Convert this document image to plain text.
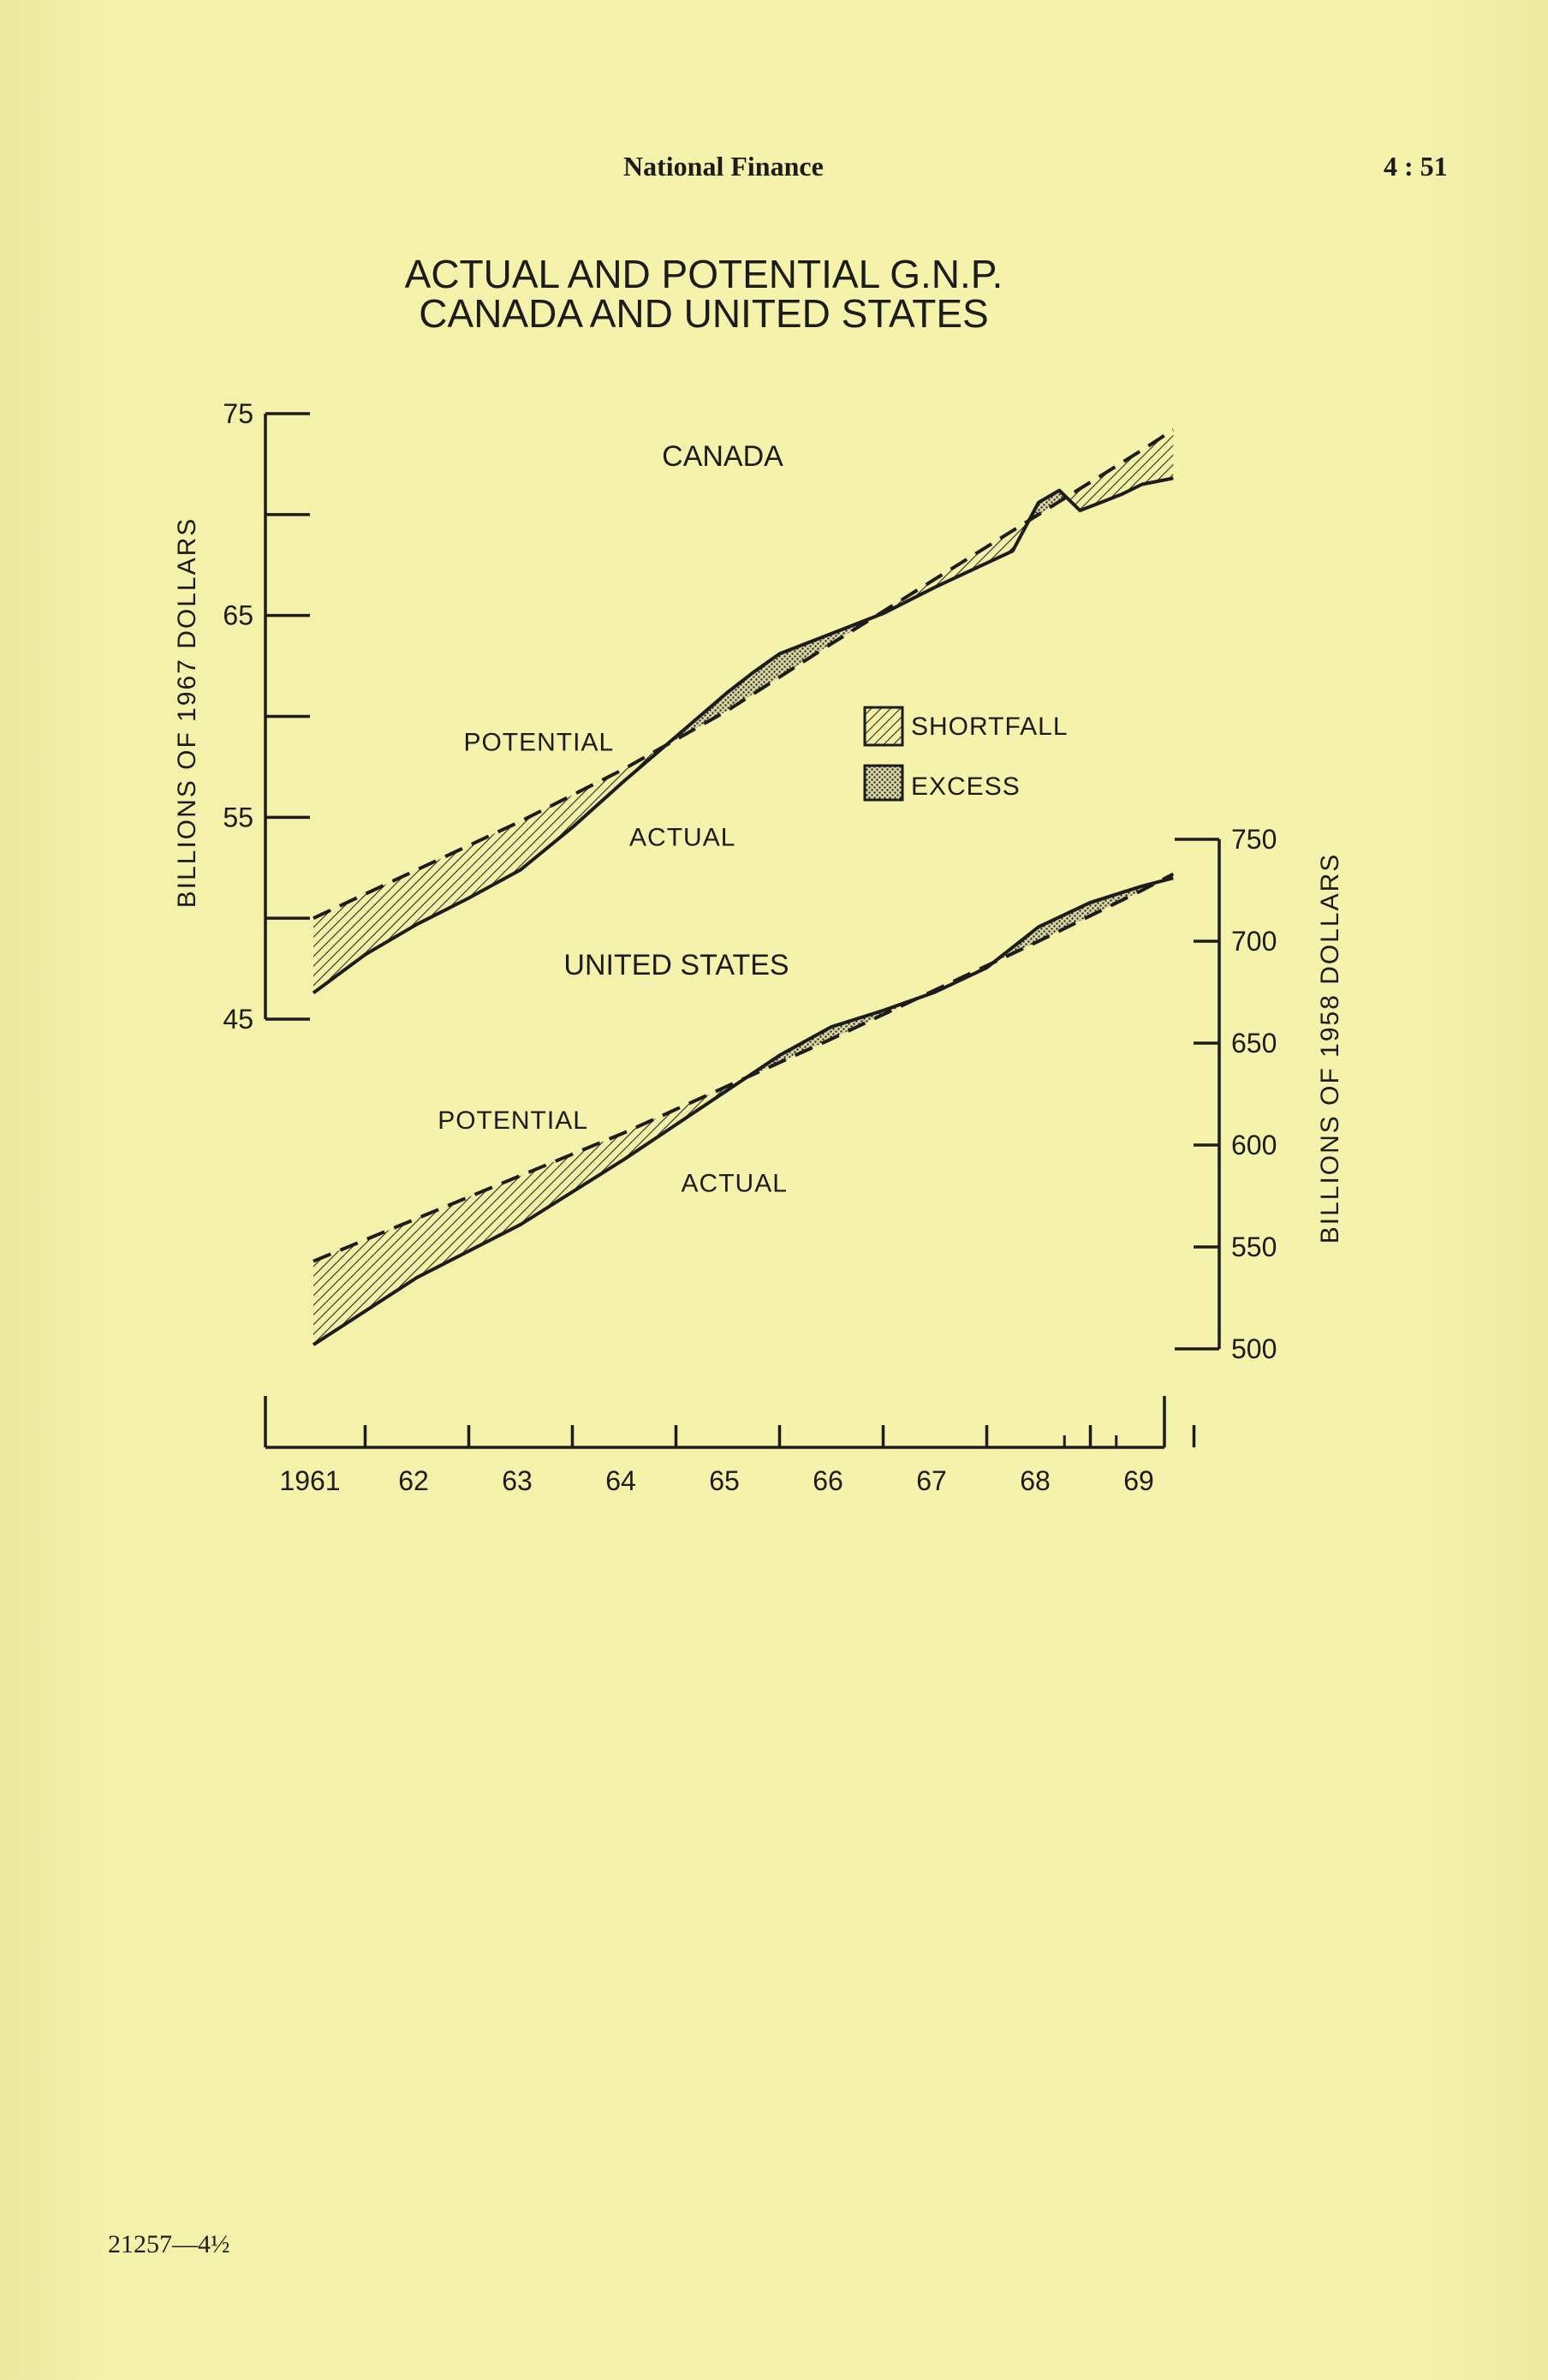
National Finance	4 : 51
ACTUAL AND POTENTIAL G.N.P.
CANADA AND UNITED STATES
CANADA
UNITED STATES
BILLIONS OF 1967 DOLLARS
BILLIONS OF 1958 DOLLARS
SHORTFALL
EXCESS
45
55
65
75
500
550
600
650
700
750
1961 62	63	64	65	66	67	68	69
POTENTIAL
ACTUAL
POTENTIAL
ACTUAL
21257—4½
